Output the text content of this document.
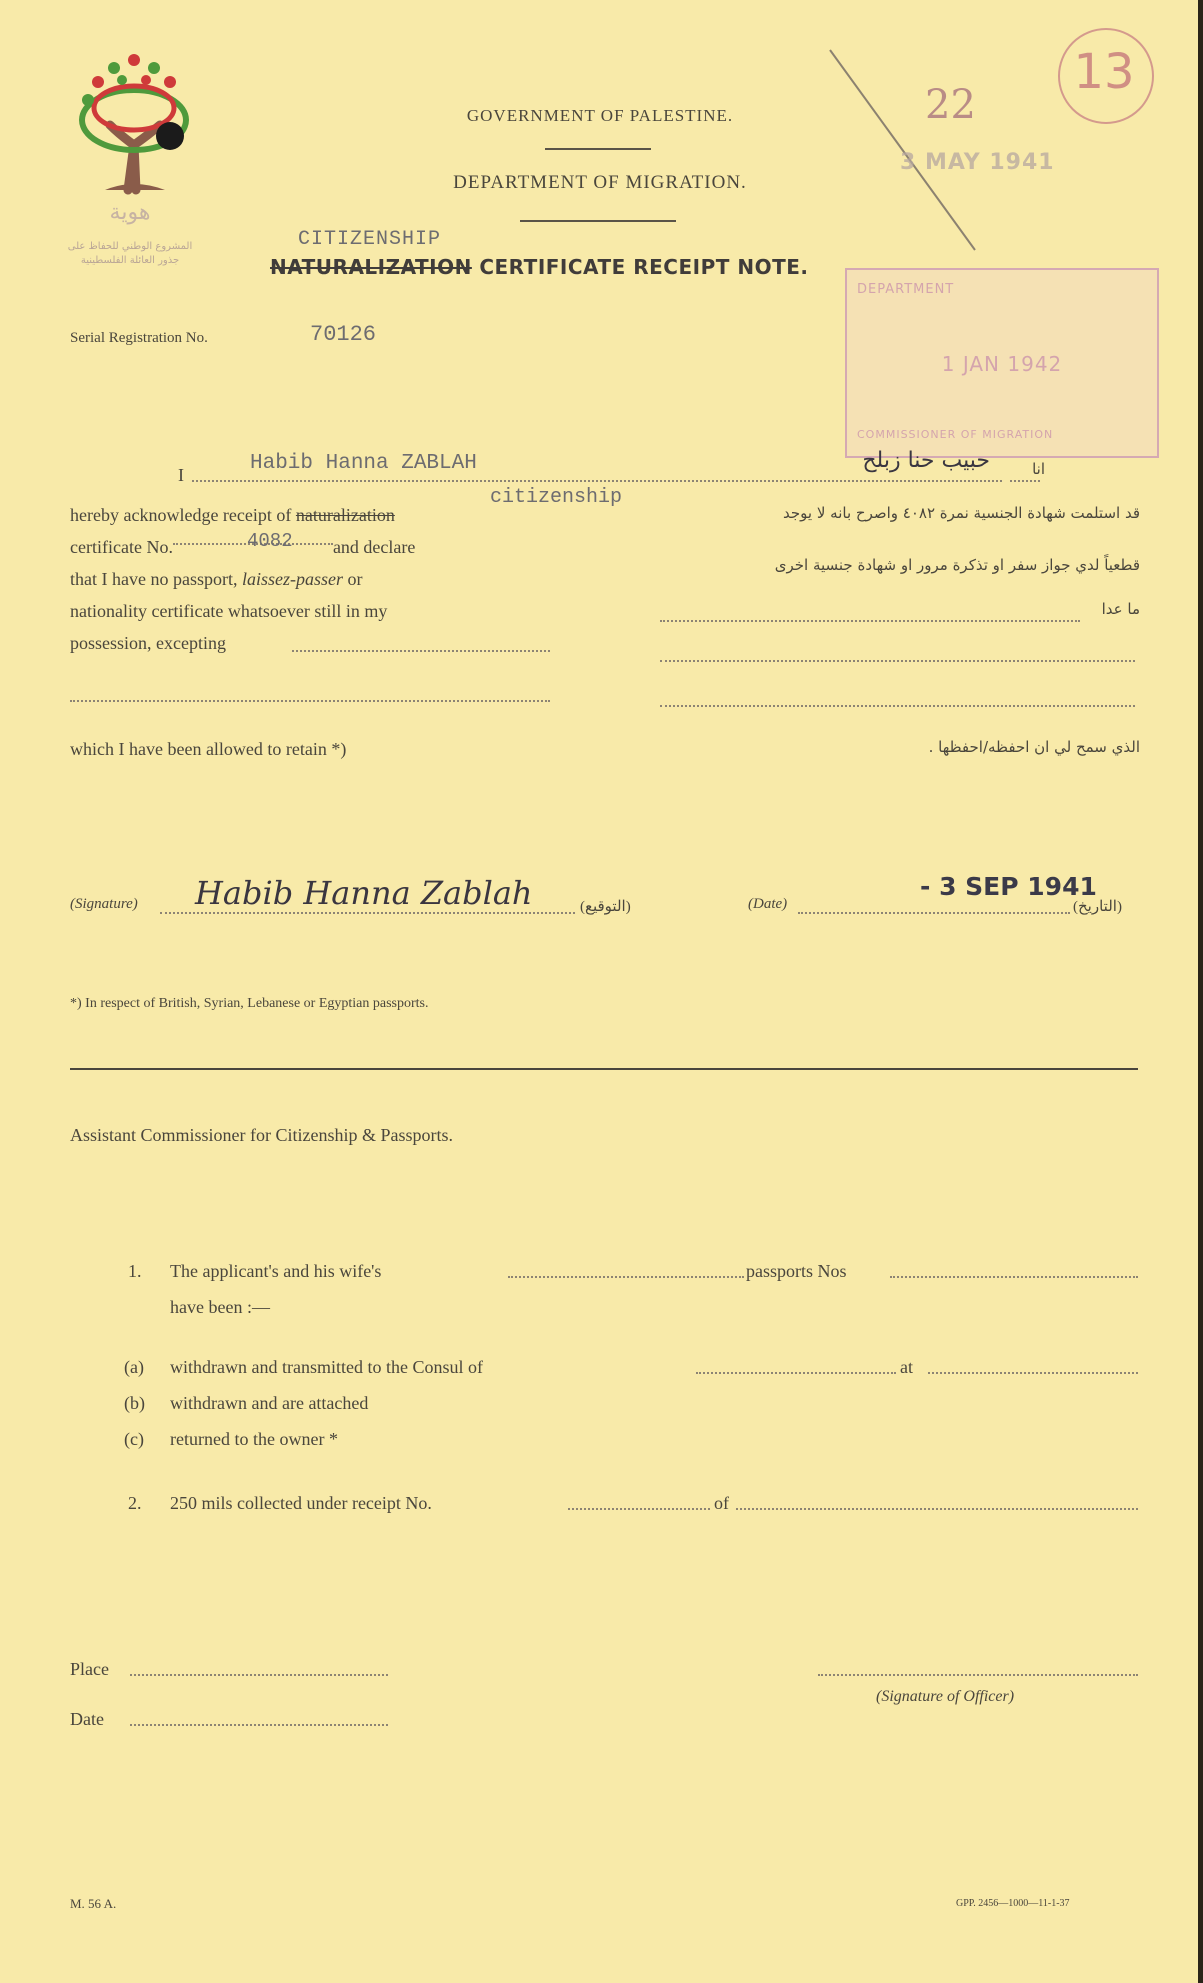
هوية
المشروع الوطني للحفاظ على
جذور العائلة الفلسطينية
22
13
3 MAY 1941
DEPARTMENT
1 JAN 1942
COMMISSIONER OF MIGRATION
GOVERNMENT OF PALESTINE.
DEPARTMENT OF MIGRATION.
CITIZENSHIP
NATURALIZATION CERTIFICATE RECEIPT NOTE.
Serial Registration No.	70126
I	Habib Hanna ZABLAH	حبيب حنا زبلح	انا
citizenship
hereby acknowledge receipt of naturalization
certificate No.	and declare
4082
that I have no passport, laissez-passer or
nationality certificate whatsoever still in my
possession, excepting
which I have been allowed to retain *)
قد استلمت شهادة الجنسية نمرة ٤٠٨٢ واصرح بانه لا يوجد
قطعياً لدي جواز سفر او تذكرة مرور او شهادة جنسية اخرى
ما عدا
الذي سمح لي ان احفظه/احفظها .
(Signature) Habib Hanna Zablah	(التوقيع)	(Date)
- 3 SEP 1941
(التاريخ)
*) In respect of British, Syrian, Lebanese or Egyptian passports.
Assistant Commissioner for Citizenship & Passports.
1. The applicant's and his wife's	passports Nos
have been :—
(a) withdrawn and transmitted to the Consul of	at
(b) withdrawn and are attached
(c) returned to the owner *
2. 250 mils collected under receipt No.	of
Place
Date
(Signature of Officer)
M. 56 A.	GPP. 2456—1000—11-1-37
